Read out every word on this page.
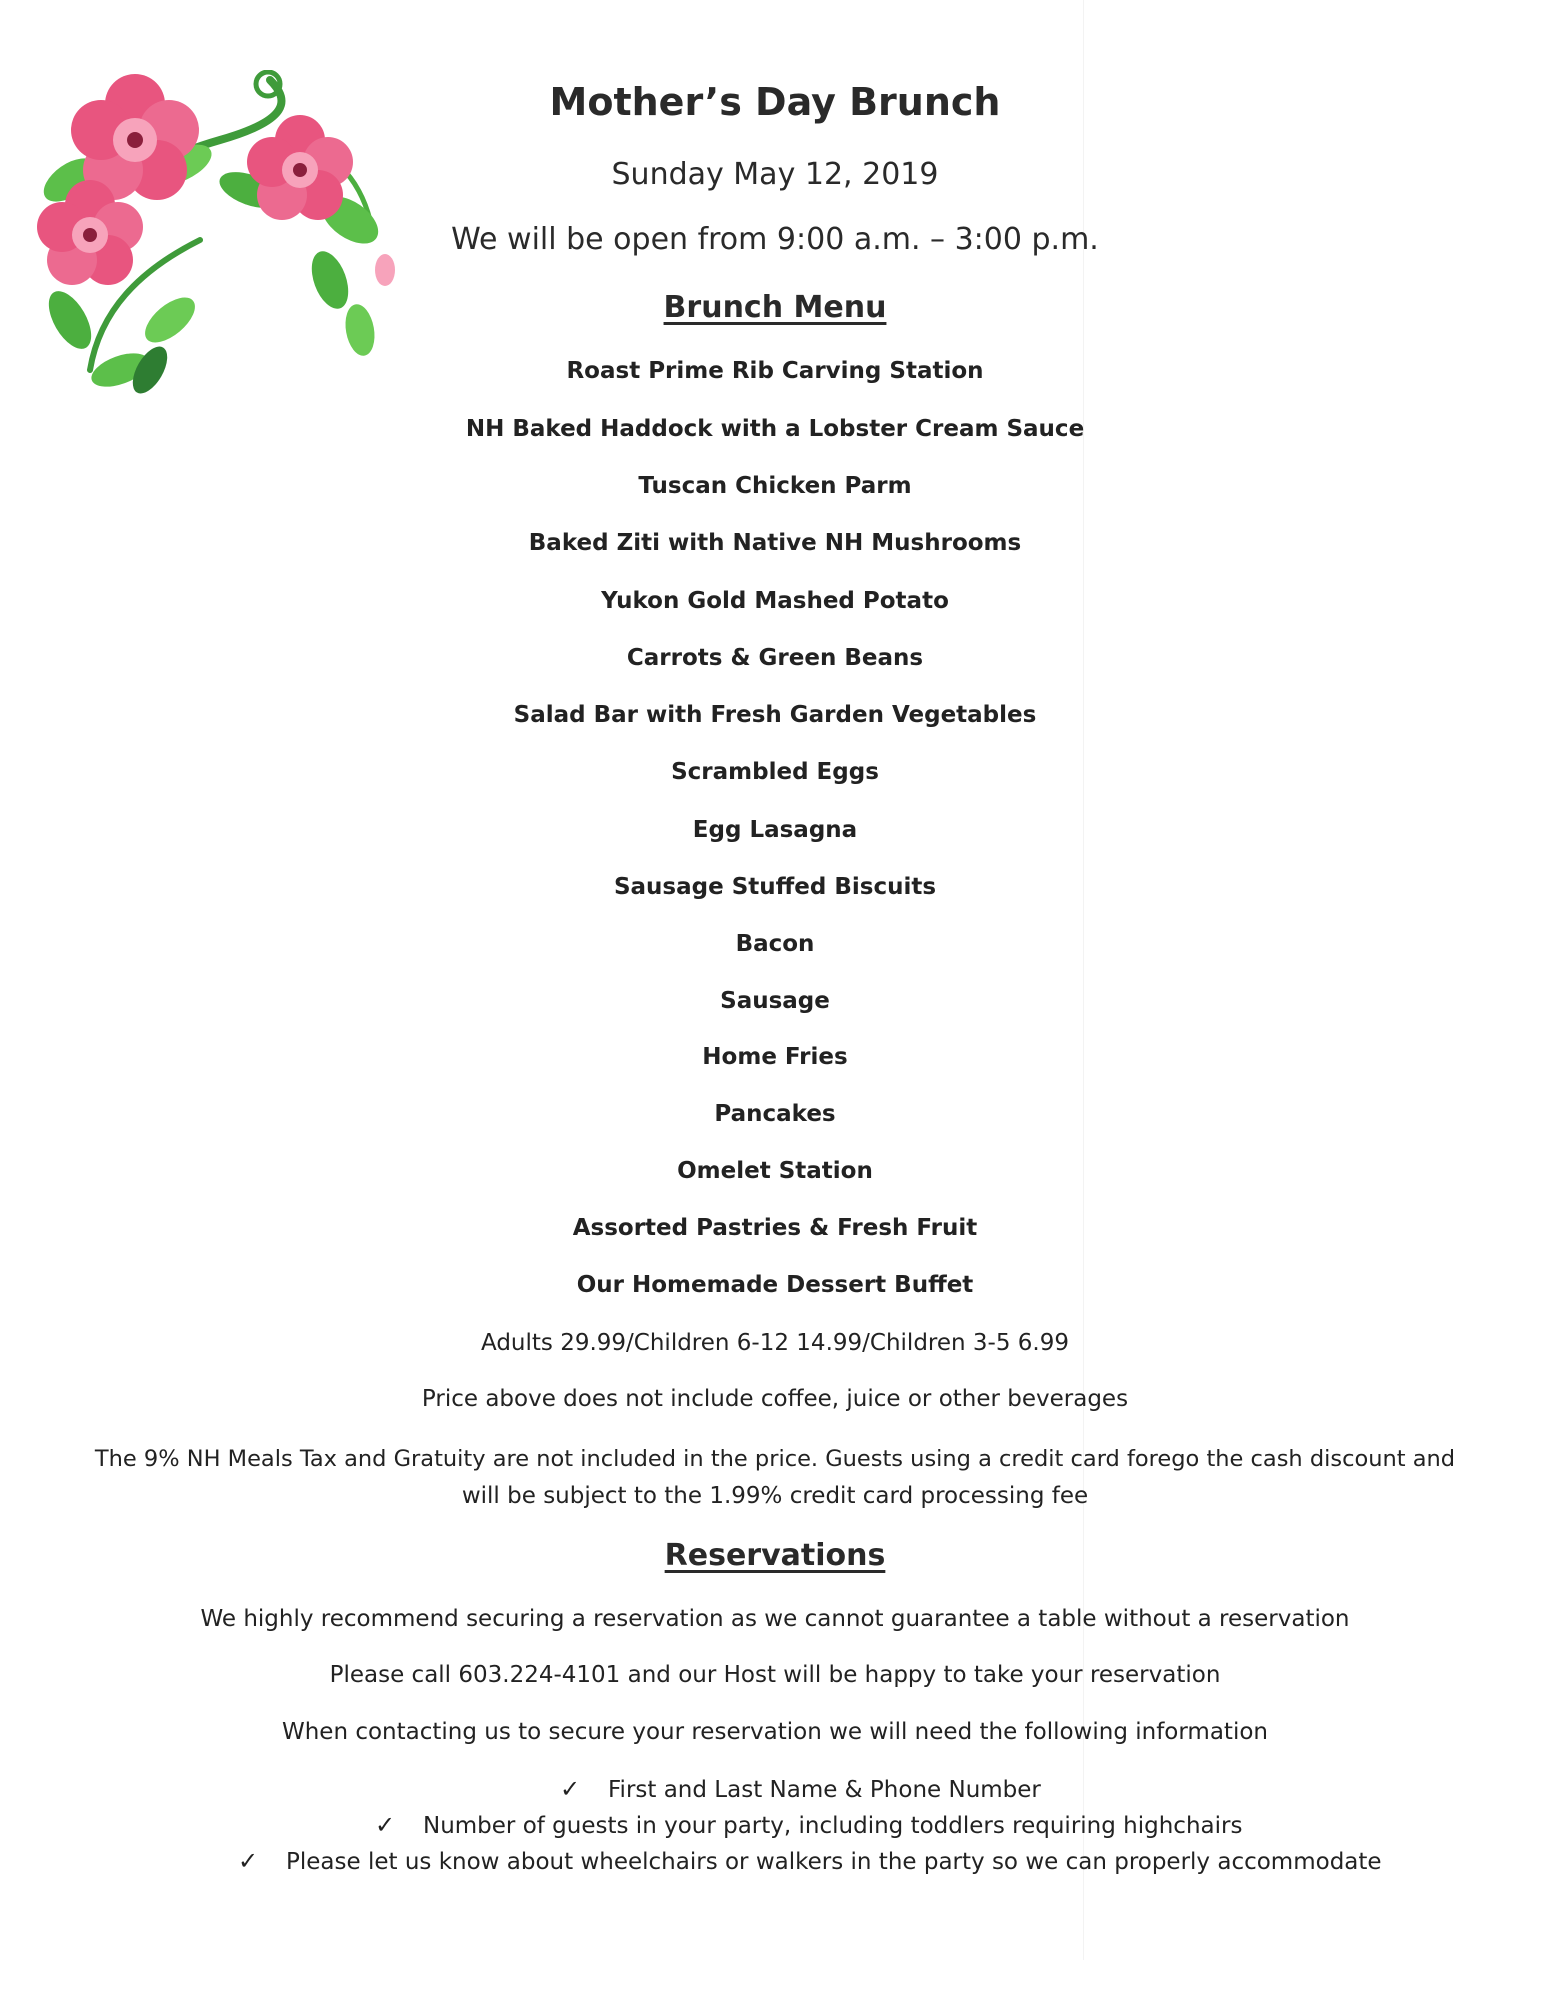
Mother’s Day Brunch
Sunday May 12, 2019
We will be open from 9:00 a.m. – 3:00 p.m.
Brunch Menu
Roast Prime Rib Carving Station
NH Baked Haddock with a Lobster Cream Sauce
Tuscan Chicken Parm
Baked Ziti with Native NH Mushrooms
Yukon Gold Mashed Potato
Carrots & Green Beans
Salad Bar with Fresh Garden Vegetables
Scrambled Eggs
Egg Lasagna
Sausage Stuffed Biscuits
Bacon
Sausage
Home Fries
Pancakes
Omelet Station
Assorted Pastries & Fresh Fruit
Our Homemade Dessert Buffet
Adults 29.99/Children 6-12 14.99/Children 3-5 6.99
Price above does not include coffee, juice or other beverages
The 9% NH Meals Tax and Gratuity are not included in the price. Guests using a credit card forego the cash discount and
will be subject to the 1.99% credit card processing fee
Reservations
We highly recommend securing a reservation as we cannot guarantee a table without a reservation
Please call 603.224-4101 and our Host will be happy to take your reservation
When contacting us to secure your reservation we will need the following information
✓ First and Last Name & Phone Number
✓ Number of guests in your party, including toddlers requiring highchairs
✓ Please let us know about wheelchairs or walkers in the party so we can properly accommodate
